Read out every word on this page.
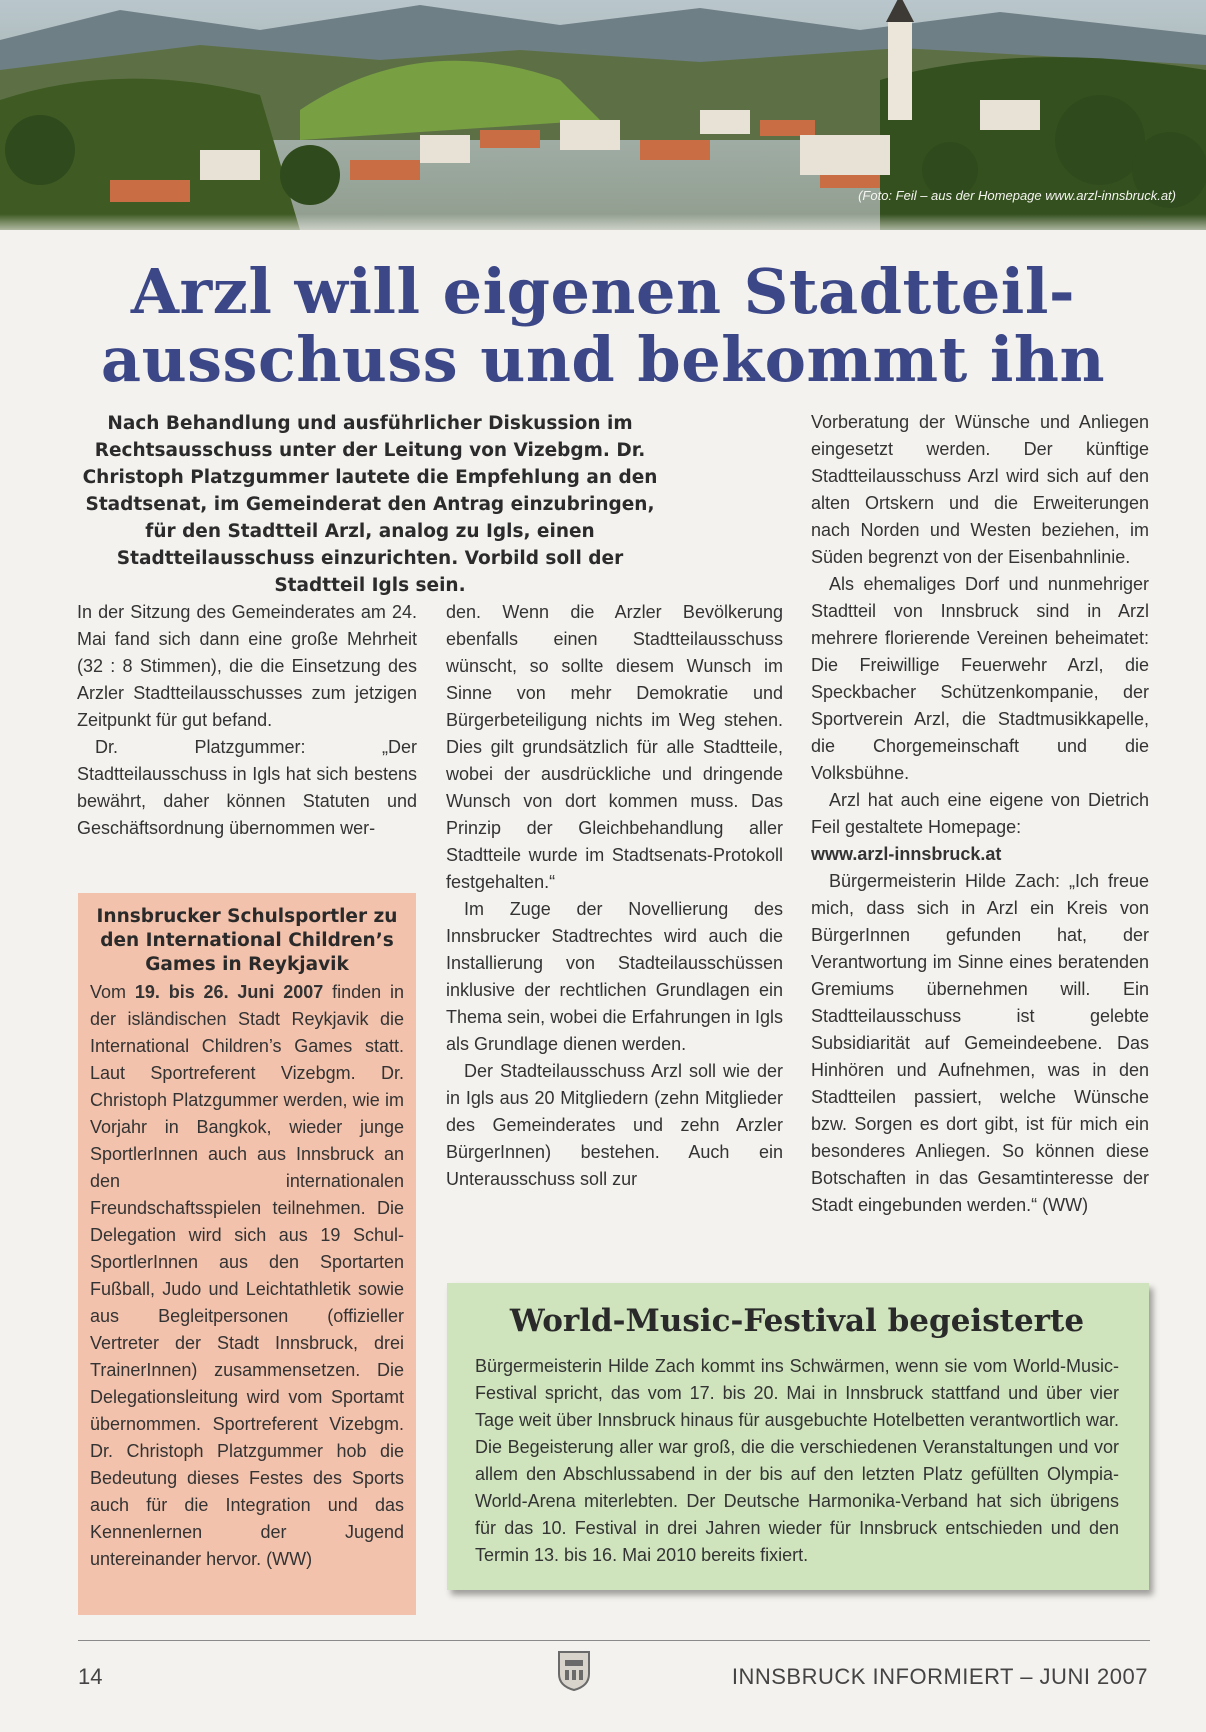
(Foto: Feil – aus der Homepage www.arzl-innsbruck.at)
Arzl will eigenen Stadtteil-
ausschuss und bekommt ihn
Nach Behandlung und ausführlicher Diskussion im Rechtsausschuss unter der Leitung von Vizebgm. Dr. Christoph Platzgummer lautete die Empfehlung an den Stadtsenat, im Gemeinderat den Antrag einzubringen, für den Stadtteil Arzl, analog zu Igls, einen Stadtteilausschuss einzurichten. Vorbild soll der Stadtteil Igls sein.

In der Sitzung des Gemeinderates am 24. Mai fand sich dann eine große Mehrheit (32 : 8 Stimmen), die die Einsetzung des Arzler Stadtteilausschusses zum jetzigen Zeitpunkt für gut befand.

Dr. Platzgummer: „Der Stadtteilausschuss in Igls hat sich bestens bewährt, daher können Statuten und Geschäftsordnung übernommen wer-

den. Wenn die Arzler Bevölkerung ebenfalls einen Stadtteilausschuss wünscht, so sollte diesem Wunsch im Sinne von mehr Demokratie und Bürgerbeteiligung nichts im Weg stehen. Dies gilt grundsätzlich für alle Stadtteile, wobei der ausdrückliche und dringende Wunsch von dort kommen muss. Das Prinzip der Gleichbehandlung aller Stadtteile wurde im Stadtsenats-Protokoll festgehalten.“

Im Zuge der Novellierung des Innsbrucker Stadtrechtes wird auch die Installierung von Stadteilausschüssen inklusive der rechtlichen Grundlagen ein Thema sein, wobei die Erfahrungen in Igls als Grundlage dienen werden.

Der Stadteilausschuss Arzl soll wie der in Igls aus 20 Mitgliedern (zehn Mitglieder des Gemeinderates und zehn Arzler BürgerInnen) bestehen. Auch ein Unterausschuss soll zur

Vorberatung der Wünsche und Anliegen eingesetzt werden. Der künftige Stadtteilausschuss Arzl wird sich auf den alten Ortskern und die Erweiterungen nach Norden und Westen beziehen, im Süden begrenzt von der Eisenbahnlinie.

Als ehemaliges Dorf und nunmehriger Stadtteil von Innsbruck sind in Arzl mehrere florierende Vereinen beheimatet: Die Freiwillige Feuerwehr Arzl, die Speckbacher Schützenkompanie, der Sportverein Arzl, die Stadtmusikkapelle, die Chorgemeinschaft und die Volksbühne.

Arzl hat auch eine eigene von Dietrich Feil gestaltete Homepage:

www.arzl-innsbruck.at

Bürgermeisterin Hilde Zach: „Ich freue mich, dass sich in Arzl ein Kreis von BürgerInnen gefunden hat, der Verantwortung im Sinne eines beratenden Gremiums übernehmen will. Ein Stadtteilausschuss ist gelebte Subsidiarität auf Gemeindeebene. Das Hinhören und Aufnehmen, was in den Stadtteilen passiert, welche Wünsche bzw. Sorgen es dort gibt, ist für mich ein besonderes Anliegen. So können diese Botschaften in das Gesamtinteresse der Stadt eingebunden werden.“ (WW)

Innsbrucker Schulsportler zu den International Children’s Games in Reykjavik
Vom 19. bis 26. Juni 2007 finden in der isländischen Stadt Reykjavik die International Children’s Games statt. Laut Sportreferent Vizebgm. Dr. Christoph Platzgummer werden, wie im Vorjahr in Bangkok, wieder junge SportlerInnen auch aus Innsbruck an den internationalen Freundschaftsspielen teilnehmen. Die Delegation wird sich aus 19 Schul-SportlerInnen aus den Sportarten Fußball, Judo und Leichtathletik sowie aus Begleitpersonen (offizieller Vertreter der Stadt Innsbruck, drei TrainerInnen) zusammensetzen. Die Delegationsleitung wird vom Sportamt übernommen. Sportreferent Vizebgm. Dr. Christoph Platzgummer hob die Bedeutung dieses Festes des Sports auch für die Integration und das Kennenlernen der Jugend untereinander hervor. (WW)
World-Music-Festival begeisterte
Bürgermeisterin Hilde Zach kommt ins Schwärmen, wenn sie vom World-Music-Festival spricht, das vom 17. bis 20. Mai in Innsbruck stattfand und über vier Tage weit über Innsbruck hinaus für ausgebuchte Hotelbetten verantwortlich war. Die Begeisterung aller war groß, die die verschiedenen Veranstaltungen und vor allem den Abschlussabend in der bis auf den letzten Platz gefüllten Olympia-World-Arena miterlebten. Der Deutsche Harmonika-Verband hat sich übrigens für das 10. Festival in drei Jahren wieder für Innsbruck entschieden und den Termin 13. bis 16. Mai 2010 bereits fixiert.
14	INNSBRUCK INFORMIERT – JUNI 2007
